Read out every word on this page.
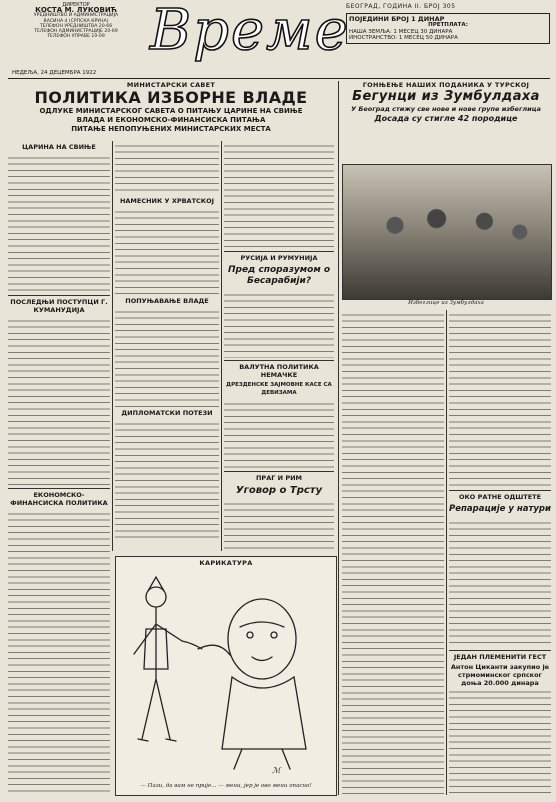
ДИРЕКТОР
КОСТА М. ЛУКОВИЋ
УРЕДНИШТВО И АДМИНИСТРАЦИЈА
ВАСИНА 4 (СРПСКА КРУНА)
ТЕЛЕФОН УРЕДНИШТВА 20-66
ТЕЛЕФОН АДМИНИСТРАЦИЈЕ 20-69
ТЕЛЕФОН УПРАВЕ 10-09 Време
БЕОГРАД, ГОДИНА II. БРОЈ 305
ПОЈЕДИНИ БРОЈ 1 ДИНАР
ПРЕТПЛАТА:
НАША ЗЕМЉА: 1 МЕСЕЦ 30 ДИНАРА
ИНОСТРАНСТВО: 1 МЕСЕЦ 50 ДИНАРА
НЕДЕЉА, 24 ДЕЦЕМБРА 1922
МИНИСТАРСКИ САВЕТ
ПОЛИТИКА ИЗБОРНЕ ВЛАДЕ
ОДЛУКЕ МИНИСТАРСКОГ САВЕТА О ПИТАЊУ ЦАРИНЕ НА СВИЊЕ
ВЛАДА И ЕКОНОМСКО-ФИНАНСИСКА ПИТАЊА
ПИТАЊЕ НЕПОПУЊЕНИХ МИНИСТАРСКИХ МЕСТА
ЦАРИНА НА СВИЊЕ
ПОСЛЕДЊИ ПОСТУПЦИ Г. КУМАНУДИЈА
ЕКОНОМСКО-ФИНАНСИСКА ПОЛИТИКА
НАМЕСНИК У ХРВАТСКОЈ
ПОПУЊАВАЊЕ ВЛАДЕ
ДИПЛОМАТСКИ ПОТЕЗИ
РУСИЈА И РУМУНИЈА
Пред споразумом о Бесарабији?
ВАЛУТНА ПОЛИТИКА НЕМАЧКЕ
ДРЕЗДЕНСКЕ ЗАЈМОВНЕ КАСЕ СА ДЕВИЗАМА
ПРАГ И РИМ
Уговор о Трсту
КАРИКАТУРА
ℳ
— Пази, да вам не прије... — мени, јер је ово мени опасно!
ГОНЊЕЊЕ НАШИХ ПОДАНИКА У ТУРСКОЈ
Бегунци из Зумбулдаха
У Београд стижу све нове и нове групе избеглица
Досада су стигле 42 породице
Избеглице из Зумбулдаха
ОКО РАТНЕ ОДШТЕТЕ
Репарације у натури
ЈЕДАН ПЛЕМЕНИТИ ГЕСТ
Антон Циканти закупио је стрмоминског српског доња 20.000 динара
